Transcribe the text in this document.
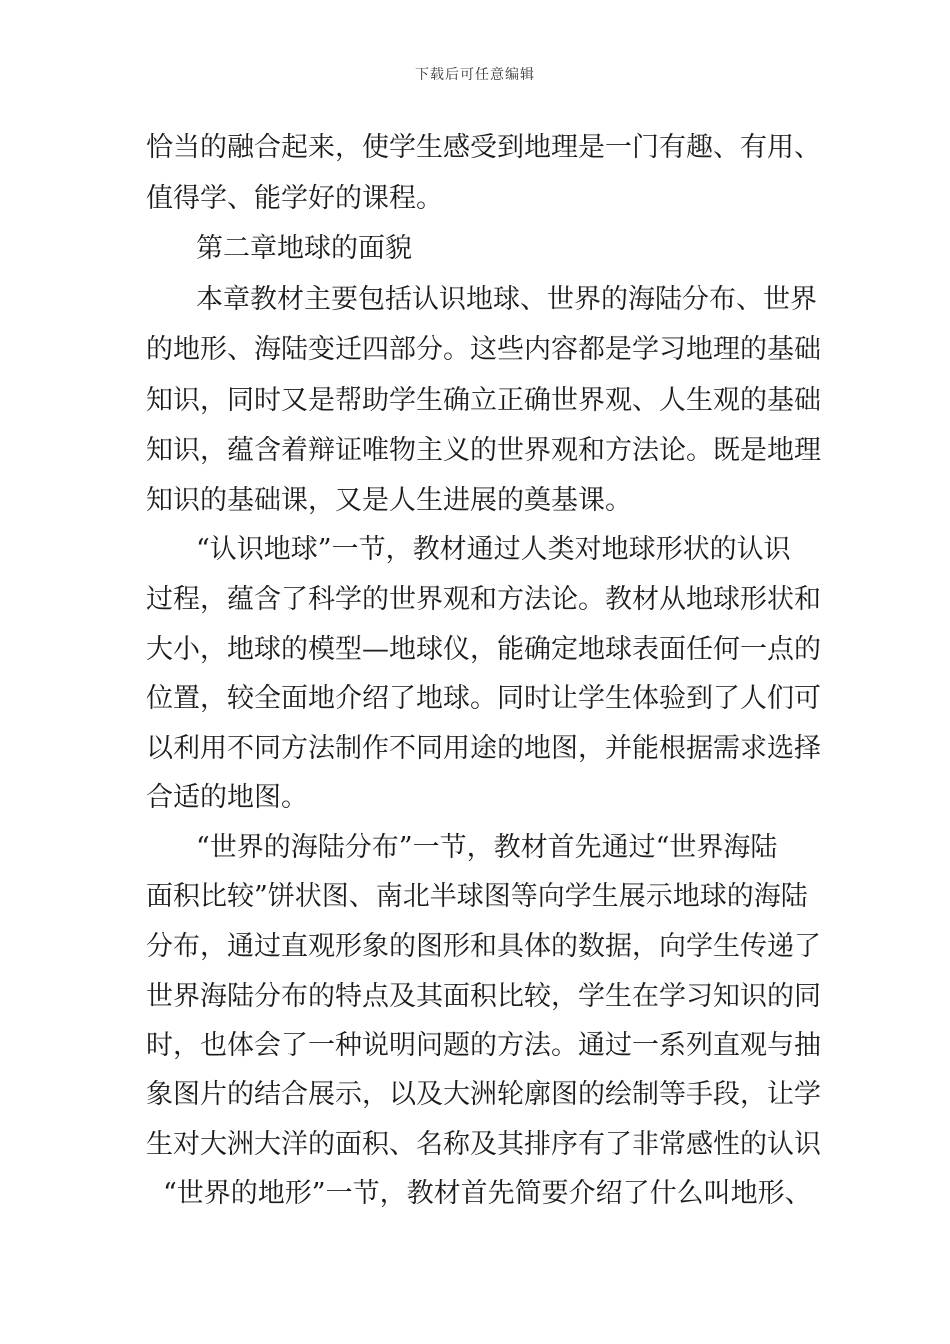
下载后可任意编辑
恰当的融合起来，使学生感受到地理是一门有趣、有用、
值得学、能学好的课程。
第二章地球的面貌
本章教材主要包括认识地球、世界的海陆分布、世界
的地形、海陆变迁四部分。这些内容都是学习地理的基础
知识，同时又是帮助学生确立正确世界观、人生观的基础
知识，蕴含着辩证唯物主义的世界观和方法论。既是地理
知识的基础课，又是人生进展的奠基课。
“认识地球”一节，教材通过人类对地球形状的认识
过程，蕴含了科学的世界观和方法论。教材从地球形状和
大小，地球的模型—地球仪，能确定地球表面任何一点的
位置，较全面地介绍了地球。同时让学生体验到了人们可
以利用不同方法制作不同用途的地图，并能根据需求选择
合适的地图。
“世界的海陆分布”一节，教材首先通过“世界海陆
面积比较”饼状图、南北半球图等向学生展示地球的海陆
分布，通过直观形象的图形和具体的数据，向学生传递了
世界海陆分布的特点及其面积比较，学生在学习知识的同
时，也体会了一种说明问题的方法。通过一系列直观与抽
象图片的结合展示，以及大洲轮廓图的绘制等手段，让学
生对大洲大洋的面积、名称及其排序有了非常感性的认识
“世界的地形”一节，教材首先简要介绍了什么叫地形、
